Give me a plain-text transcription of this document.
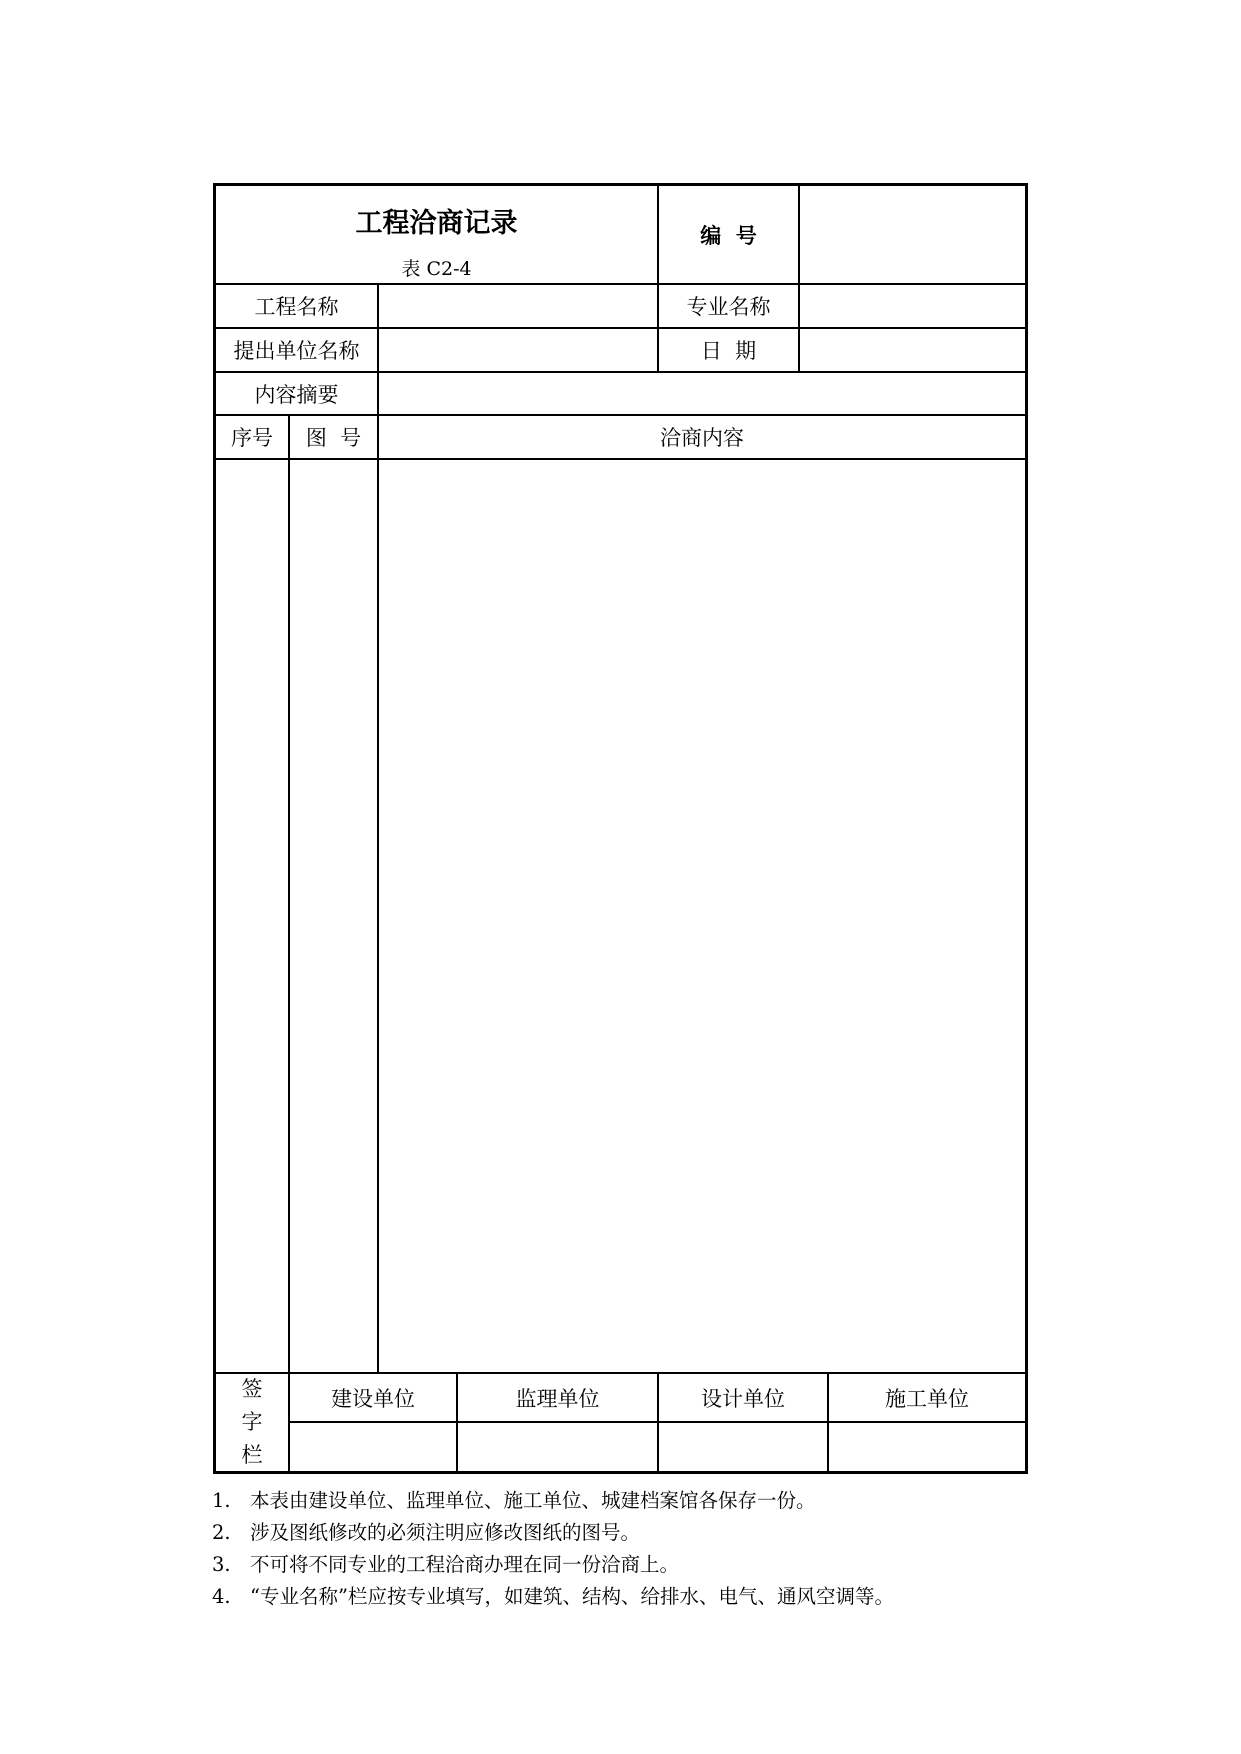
工程洽商记录
表 C2-4
编  号
工程名称	专业名称
提出单位名称	日  期
内容摘要
序号	图  号	洽商内容
签
字
栏
建设单位	监理单位	设计单位	施工单位
1. 本表由建设单位、监理单位、施工单位、城建档案馆各保存一份。
2. 涉及图纸修改的必须注明应修改图纸的图号。
3. 不可将不同专业的工程洽商办理在同一份洽商上。
4. “专业名称”栏应按专业填写，如建筑、结构、给排水、电气、通风空调等。
